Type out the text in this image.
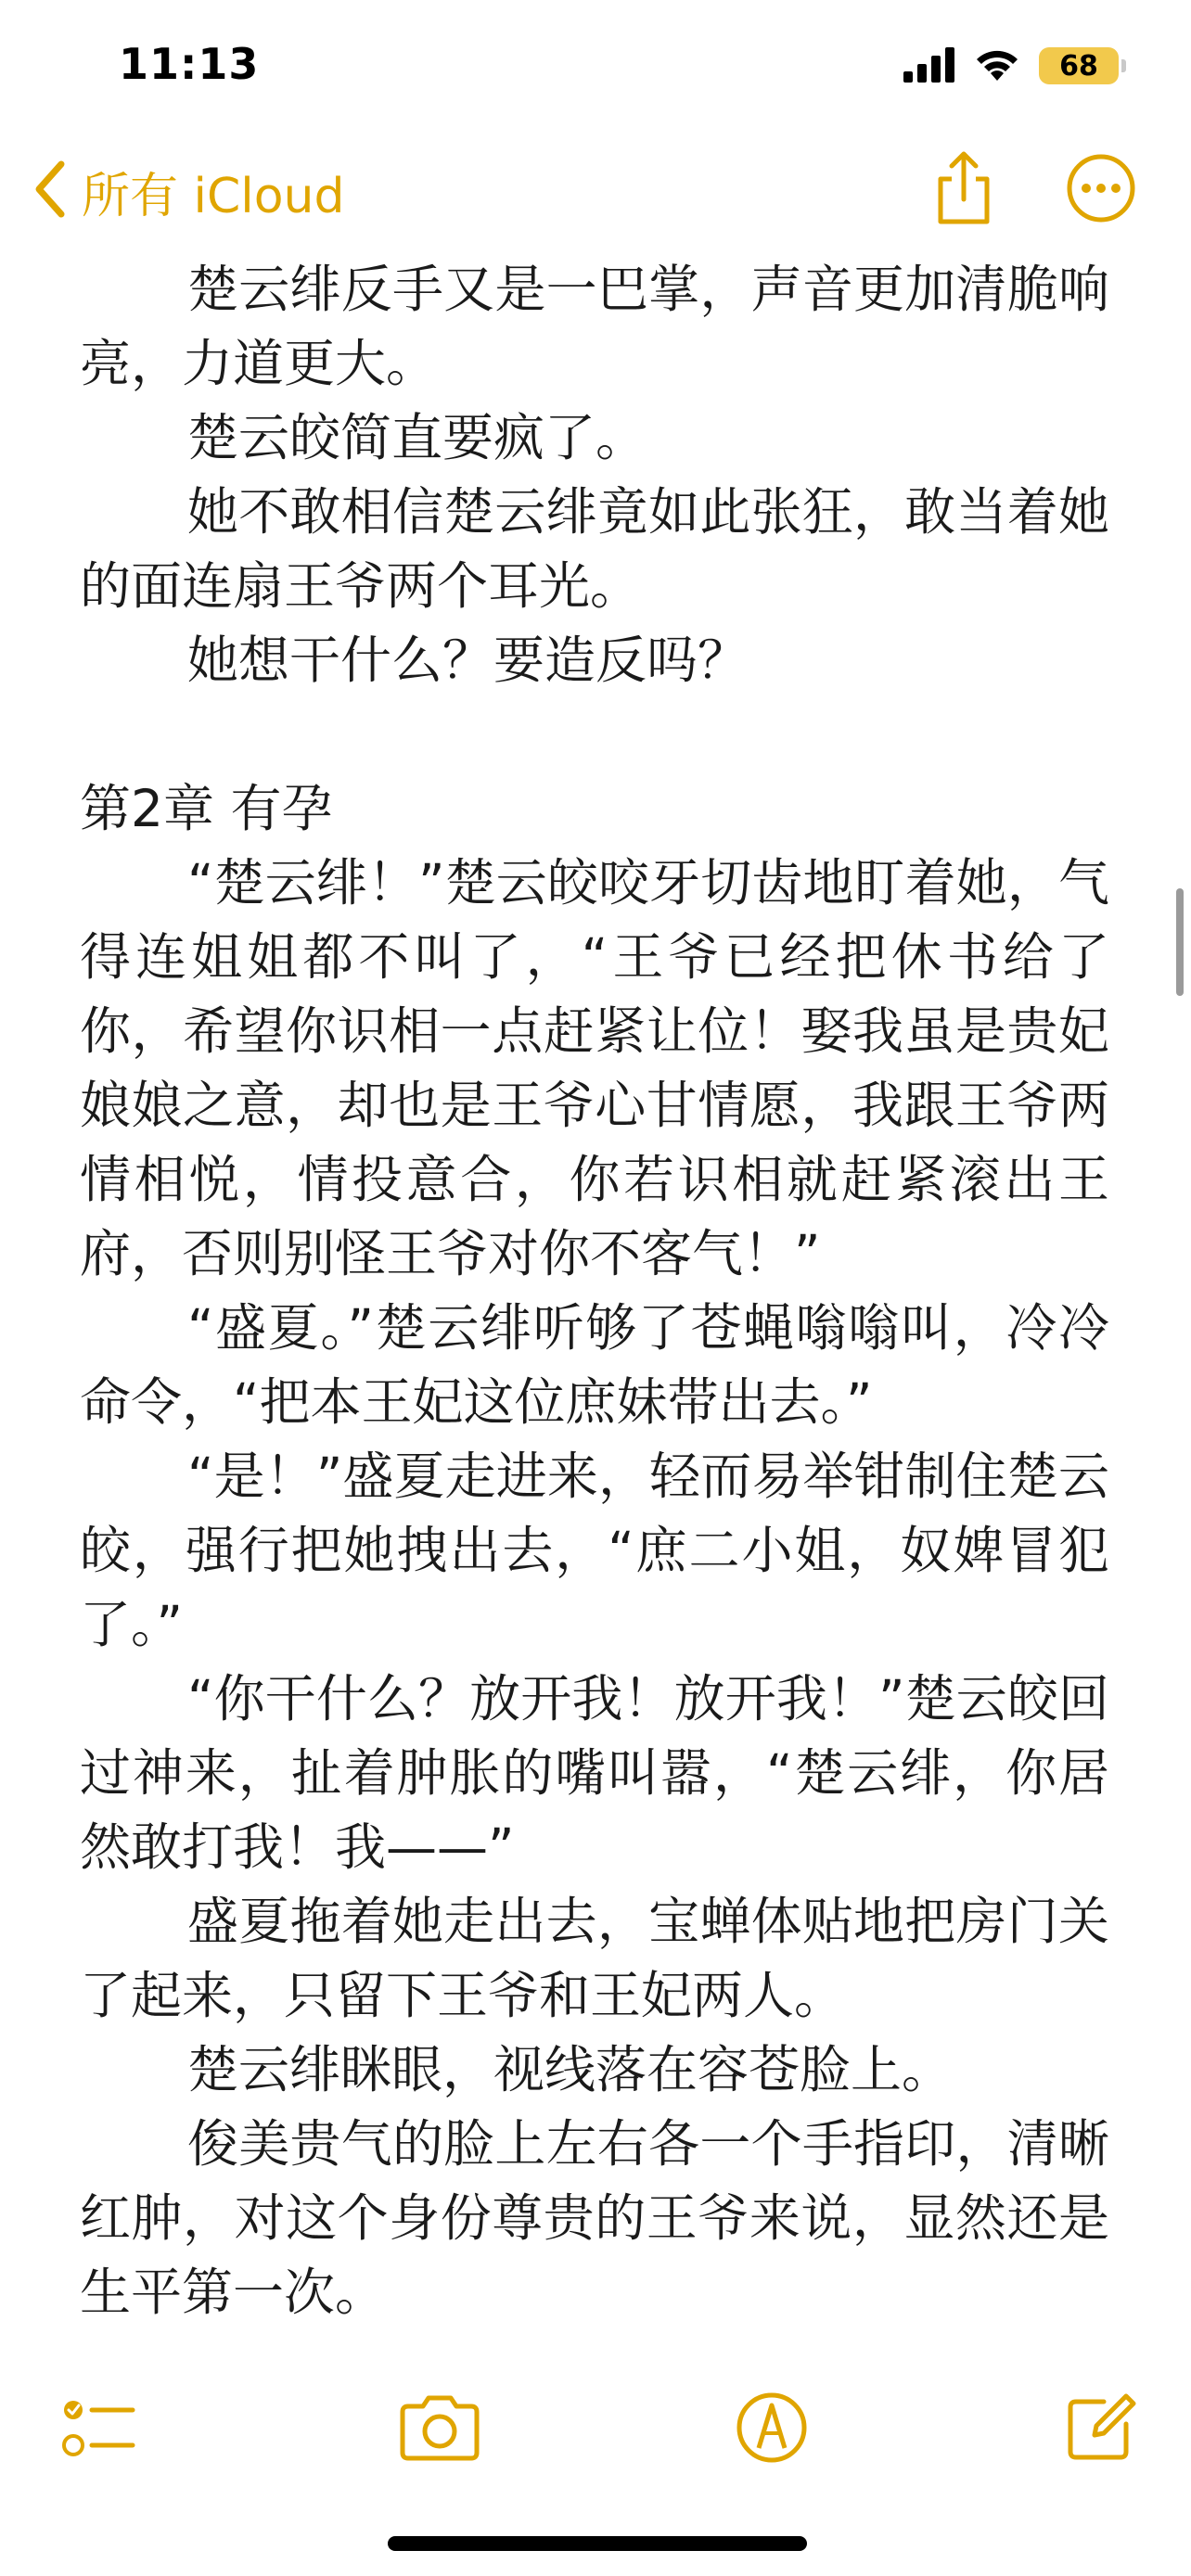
11:13	68
所有 iCloud

楚云绯反手又是一巴掌，声音更加清脆响亮，力道更大。

楚云皎简直要疯了。

她不敢相信楚云绯竟如此张狂，敢当着她的面连扇王爷两个耳光。

她想干什么？要造反吗？

第2章 有孕

“楚云绯！”楚云皎咬牙切齿地盯着她，气得连姐姐都不叫了，“王爷已经把休书给了你，希望你识相一点赶紧让位！娶我虽是贵妃娘娘之意，却也是王爷心甘情愿，我跟王爷两情相悦，情投意合，你若识相就赶紧滚出王府，否则别怪王爷对你不客气！”

“盛夏。”楚云绯听够了苍蝇嗡嗡叫，冷冷命令，“把本王妃这位庶妹带出去。”

“是！”盛夏走进来，轻而易举钳制住楚云皎，强行把她拽出去，“庶二小姐，奴婢冒犯了。”

“你干什么？放开我！放开我！”楚云皎回过神来，扯着肿胀的嘴叫嚣，“楚云绯，你居然敢打我！我——”

盛夏拖着她走出去，宝蝉体贴地把房门关了起来，只留下王爷和王妃两人。

楚云绯眯眼，视线落在容苍脸上。

俊美贵气的脸上左右各一个手指印，清晰红肿，对这个身份尊贵的王爷来说，显然还是生平第一次。
